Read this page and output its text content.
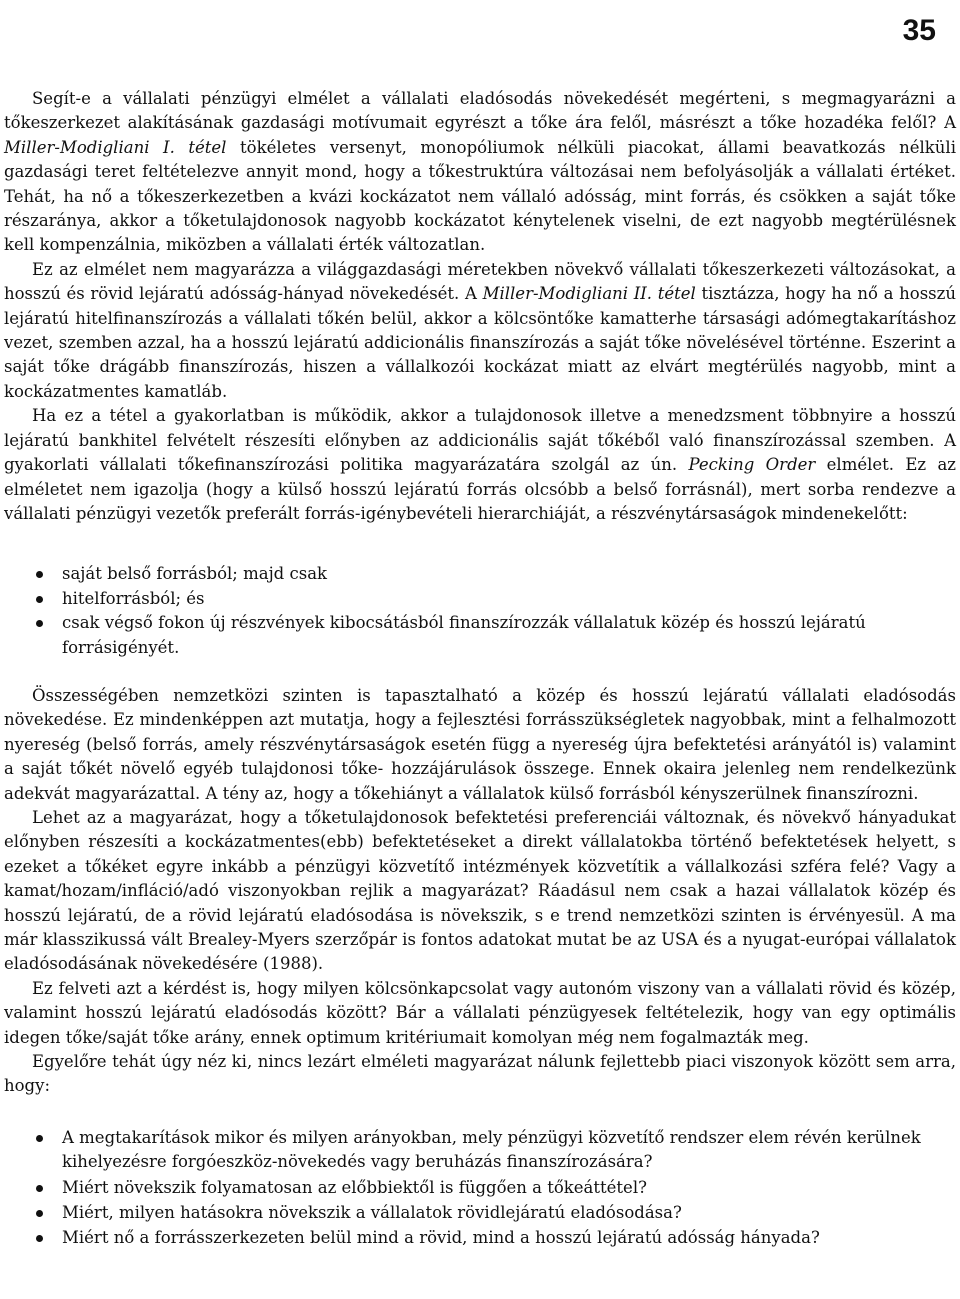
35

Segít-e a vállalati pénzügyi elmélet a vállalati eladósodás növekedését megérteni, s megmagyarázni a tőkeszerkezet alakításának gazdasági motívumait egyrészt a tőke ára felől, másrészt a tőke hozadéka felől? A Miller-Modigliani I. tétel tökéletes versenyt, monopóliumok nélküli piacokat, állami beavatkozás nélküli gazdasági teret feltételezve annyit mond, hogy a tőkestruktúra változásai nem befolyásolják a vállalati értéket. Tehát, ha nő a tőkeszerkezetben a kvázi kockázatot nem vállaló adósság, mint forrás, és csökken a saját tőke részaránya, akkor a tőketulajdonosok nagyobb kockázatot kénytelenek viselni, de ezt nagyobb megtérülésnek kell kompenzálnia, miközben a vállalati érték változatlan.

Ez az elmélet nem magyarázza a világgazdasági méretekben növekvő vállalati tőkeszerkezeti változásokat, a hosszú és rövid lejáratú adósság-hányad növekedését. A Miller-Modigliani II. tétel tisztázza, hogy ha nő a hosszú lejáratú hitelfinanszírozás a vállalati tőkén belül, akkor a kölcsöntőke kamatterhe társasági adómegtakarításhoz vezet, szemben azzal, ha a hosszú lejáratú addicionális finanszírozás a saját tőke növelésével történne. Eszerint a saját tőke drágább finanszírozás, hiszen a vállalkozói kockázat miatt az elvárt megtérülés nagyobb, mint a kockázatmentes kamatláb.

Ha ez a tétel a gyakorlatban is működik, akkor a tulajdonosok illetve a menedzsment többnyire a hosszú lejáratú bankhitel felvételt részesíti előnyben az addicionális saját tőkéből való finanszírozással szemben. A gyakorlati vállalati tőkefinanszírozási politika magyarázatára szolgál az ún. Pecking Order elmélet. Ez az elméletet nem igazolja (hogy a külső hosszú lejáratú forrás olcsóbb a belső forrásnál), mert sorba rendezve a vállalati pénzügyi vezetők preferált forrás-igénybevételi hierarchiáját, a részvénytársaságok mindenekelőtt:

saját belső forrásból; majd csak
hitelforrásból; és
csak végső fokon új részvények kibocsátásból finanszírozzák vállalatuk közép és hosszú lejáratú forrásigényét.

Összességében nemzetközi szinten is tapasztalható a közép és hosszú lejáratú vállalati eladósodás növekedése. Ez mindenképpen azt mutatja, hogy a fejlesztési forrásszükségletek nagyobbak, mint a felhalmozott nyereség (belső forrás, amely részvénytársaságok esetén függ a nyereség újra befektetési arányától is) valamint a saját tőkét növelő egyéb tulajdonosi tőke- hozzájárulások összege. Ennek okaira jelenleg nem rendelkezünk adekvát magyarázattal. A tény az, hogy a tőkehiányt a vállalatok külső forrásból kényszerülnek finanszírozni.

Lehet az a magyarázat, hogy a tőketulajdonosok befektetési preferenciái változnak, és növekvő hányadukat előnyben részesíti a kockázatmentes(ebb) befektetéseket a direkt vállalatokba történő befektetések helyett, s ezeket a tőkéket egyre inkább a pénzügyi közvetítő intézmények közvetítik a vállalkozási szféra felé? Vagy a kamat/hozam/infláció/adó viszonyokban rejlik a magyarázat? Ráadásul nem csak a hazai vállalatok közép és hosszú lejáratú, de a rövid lejáratú eladósodása is növekszik, s e trend nemzetközi szinten is érvényesül. A ma már klasszikussá vált Brealey-Myers szerzőpár is fontos adatokat mutat be az USA és a nyugat-európai vállalatok eladósodásának növekedésére (1988).

Ez felveti azt a kérdést is, hogy milyen kölcsönkapcsolat vagy autonóm viszony van a vállalati rövid és közép, valamint hosszú lejáratú eladósodás között? Bár a vállalati pénzügyesek feltételezik, hogy van egy optimális idegen tőke/saját tőke arány, ennek optimum kritériumait komolyan még nem fogalmazták meg.

Egyelőre tehát úgy néz ki, nincs lezárt elméleti magyarázat nálunk fejlettebb piaci viszonyok között sem arra, hogy:

A megtakarítások mikor és milyen arányokban, mely pénzügyi közvetítő rendszer elem révén kerülnek kihelyezésre forgóeszköz-növekedés vagy beruházás finanszírozására?
Miért növekszik folyamatosan az előbbiektől is függően a tőkeáttétel?
Miért, milyen hatásokra növekszik a vállalatok rövidlejáratú eladósodása?
Miért nő a forrásszerkezeten belül mind a rövid, mind a hosszú lejáratú adósság hányada?
